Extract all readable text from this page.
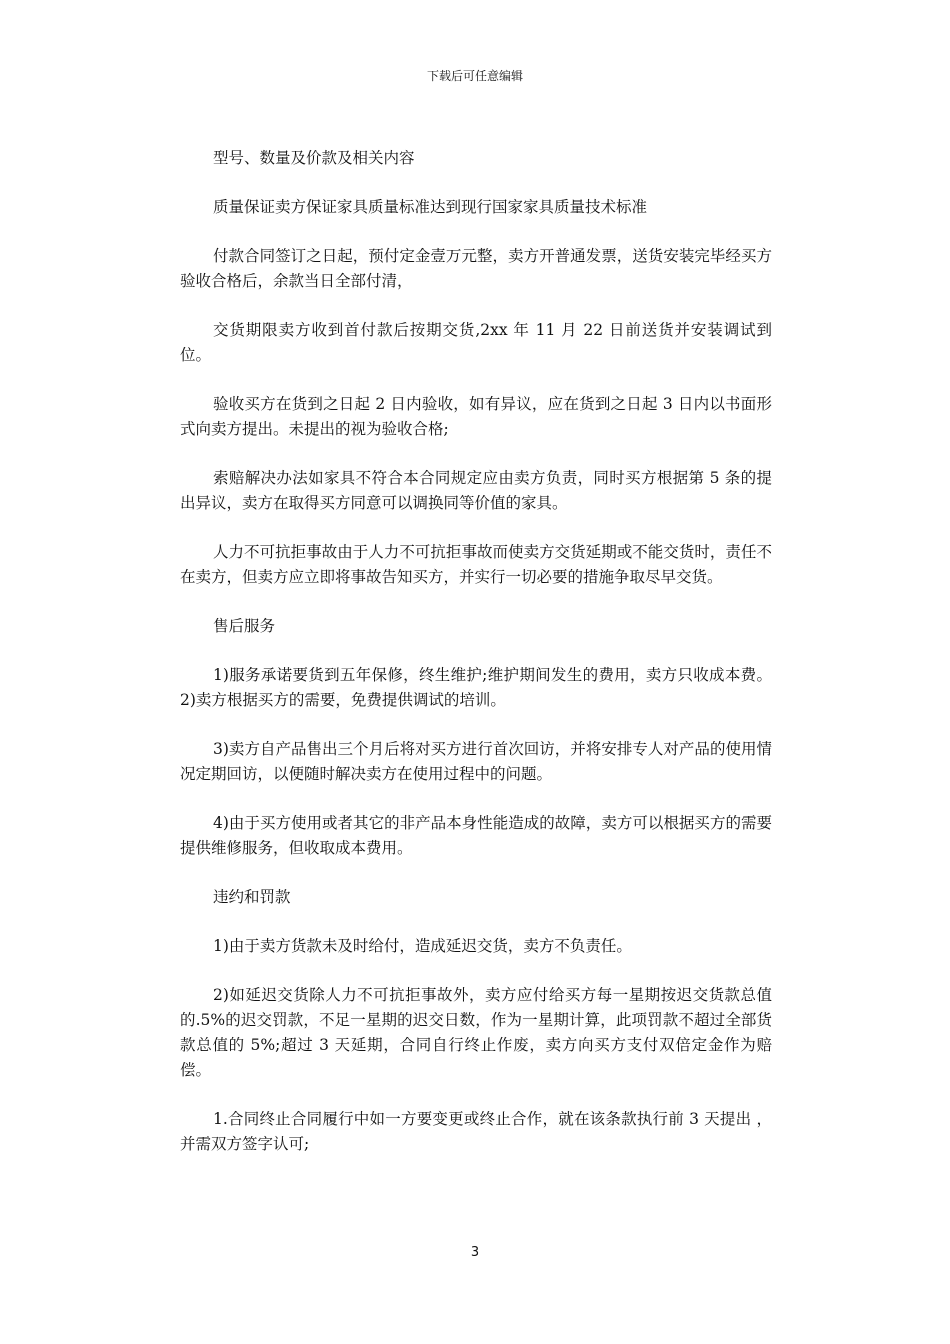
下载后可任意编辑

型号、数量及价款及相关内容

质量保证卖方保证家具质量标准达到现行国家家具质量技术标准

付款合同签订之日起，预付定金壹万元整，卖方开普通发票，送货安装完毕经买方验收合格后，余款当日全部付清，

交货期限卖方收到首付款后按期交货,2xx 年 11 月 22 日前送货并安装调试到位。

验收买方在货到之日起 2 日内验收，如有异议，应在货到之日起 3 日内以书面形式向卖方提出。未提出的视为验收合格;

索赔解决办法如家具不符合本合同规定应由卖方负责，同时买方根据第 5 条的提出异议，卖方在取得买方同意可以调换同等价值的家具。

人力不可抗拒事故由于人力不可抗拒事故而使卖方交货延期或不能交货时，责任不在卖方，但卖方应立即将事故告知买方，并实行一切必要的措施争取尽早交货。

售后服务

1)服务承诺要货到五年保修，终生维护;维护期间发生的费用，卖方只收成本费。 2)卖方根据买方的需要，免费提供调试的培训。

3)卖方自产品售出三个月后将对买方进行首次回访，并将安排专人对产品的使用情况定期回访，以便随时解决卖方在使用过程中的问题。

4)由于买方使用或者其它的非产品本身性能造成的故障，卖方可以根据买方的需要提供维修服务，但收取成本费用。

违约和罚款

1)由于卖方货款未及时给付，造成延迟交货，卖方不负责任。

2)如延迟交货除人力不可抗拒事故外，卖方应付给买方每一星期按迟交货款总值的.5%的迟交罚款，不足一星期的迟交日数，作为一星期计算，此项罚款不超过全部货款总值的 5%;超过 3 天延期，合同自行终止作废，卖方向买方支付双倍定金作为赔偿。

1.合同终止合同履行中如一方要变更或终止合作，就在该条款执行前 3 天提出 ，并需双方签字认可;

3
